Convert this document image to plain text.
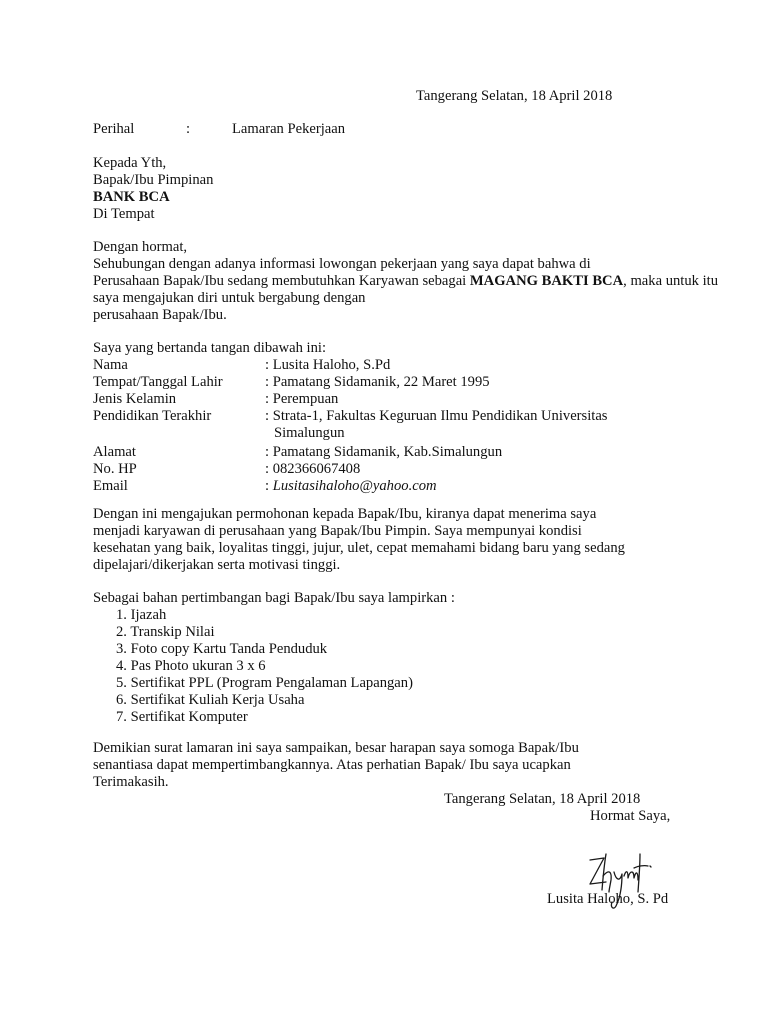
Tangerang Selatan, 18 April 2018
Perihal	:	Lamaran Pekerjaan
Kepada Yth,
Bapak/Ibu Pimpinan
BANK BCA
Di Tempat
Dengan hormat,
Sehubungan dengan adanya informasi lowongan pekerjaan yang saya dapat bahwa di
Perusahaan Bapak/Ibu sedang membutuhkan Karyawan sebagai MAGANG BAKTI BCA, maka untuk itu
saya mengajukan diri untuk bergabung dengan
perusahaan Bapak/Ibu.
Saya yang bertanda tangan dibawah ini:
Nama	: Lusita Haloho, S.Pd
Tempat/Tanggal Lahir	: Pamatang Sidamanik, 22 Maret 1995
Jenis Kelamin	: Perempuan
Pendidikan Terakhir	: Strata-1, Fakultas Keguruan Ilmu Pendidikan Universitas
Simalungun
Alamat	: Pamatang Sidamanik, Kab.Simalungun
No. HP	: 082366067408
Email	: Lusitasihaloho@yahoo.com
Dengan ini mengajukan permohonan kepada Bapak/Ibu, kiranya dapat menerima saya
menjadi karyawan di perusahaan yang Bapak/Ibu Pimpin. Saya mempunyai kondisi
kesehatan yang baik, loyalitas tinggi, jujur, ulet, cepat memahami bidang baru yang sedang
dipelajari/dikerjakan serta motivasi tinggi.
Sebagai bahan pertimbangan bagi Bapak/Ibu saya lampirkan :
1. Ijazah
2. Transkip Nilai
3. Foto copy Kartu Tanda Penduduk
4. Pas Photo ukuran 3 x 6
5. Sertifikat PPL (Program Pengalaman Lapangan)
6. Sertifikat Kuliah Kerja Usaha
7. Sertifikat Komputer
Demikian surat lamaran ini saya sampaikan, besar harapan saya somoga Bapak/Ibu
senantiasa dapat mempertimbangkannya. Atas perhatian Bapak/ Ibu saya ucapkan
Terimakasih.
Tangerang Selatan, 18 April 2018
Hormat Saya,
Lusita Haloho, S. Pd
